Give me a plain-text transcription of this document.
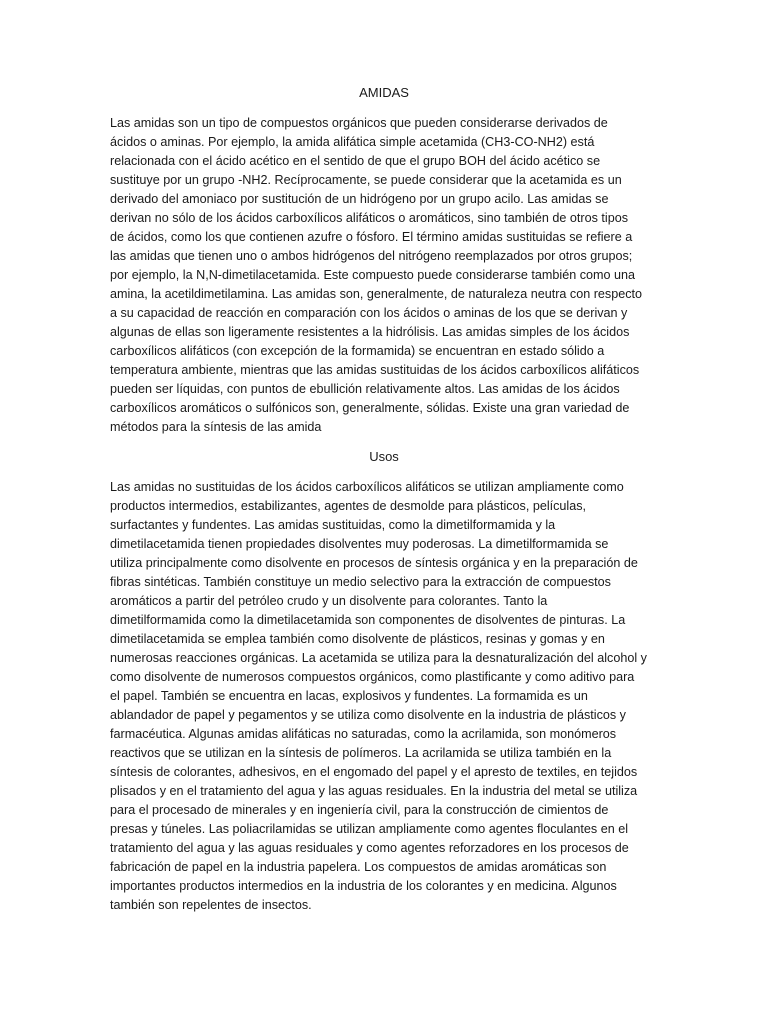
AMIDAS

Las amidas son un tipo de compuestos orgánicos que pueden considerarse derivados de
ácidos o aminas. Por ejemplo, la amida alifática simple acetamida (CH3-CO-NH2) está
relacionada con el ácido acético en el sentido de que el grupo BOH del ácido acético se
sustituye por un grupo -NH2. Recíprocamente, se puede considerar que la acetamida es un
derivado del amoniaco por sustitución de un hidrógeno por un grupo acilo. Las amidas se
derivan no sólo de los ácidos carboxílicos alifáticos o aromáticos, sino también de otros tipos
de ácidos, como los que contienen azufre o fósforo. El término amidas sustituidas se refiere a
las amidas que tienen uno o ambos hidrógenos del nitrógeno reemplazados por otros grupos;
por ejemplo, la N,N-dimetilacetamida. Este compuesto puede considerarse también como una
amina, la acetildimetilamina. Las amidas son, generalmente, de naturaleza neutra con respecto
a su capacidad de reacción en comparación con los ácidos o aminas de los que se derivan y
algunas de ellas son ligeramente resistentes a la hidrólisis. Las amidas simples de los ácidos
carboxílicos alifáticos (con excepción de la formamida) se encuentran en estado sólido a
temperatura ambiente, mientras que las amidas sustituidas de los ácidos carboxílicos alifáticos
pueden ser líquidas, con puntos de ebullición relativamente altos. Las amidas de los ácidos
carboxílicos aromáticos o sulfónicos son, generalmente, sólidas. Existe una gran variedad de
métodos para la síntesis de las amida

Usos

Las amidas no sustituidas de los ácidos carboxílicos alifáticos se utilizan ampliamente como
productos intermedios, estabilizantes, agentes de desmolde para plásticos, películas,
surfactantes y fundentes. Las amidas sustituidas, como la dimetilformamida y la
dimetilacetamida tienen propiedades disolventes muy poderosas. La dimetilformamida se
utiliza principalmente como disolvente en procesos de síntesis orgánica y en la preparación de
fibras sintéticas. También constituye un medio selectivo para la extracción de compuestos
aromáticos a partir del petróleo crudo y un disolvente para colorantes. Tanto la
dimetilformamida como la dimetilacetamida son componentes de disolventes de pinturas. La
dimetilacetamida se emplea también como disolvente de plásticos, resinas y gomas y en
numerosas reacciones orgánicas. La acetamida se utiliza para la desnaturalización del alcohol y
como disolvente de numerosos compuestos orgánicos, como plastificante y como aditivo para
el papel. También se encuentra en lacas, explosivos y fundentes. La formamida es un
ablandador de papel y pegamentos y se utiliza como disolvente en la industria de plásticos y
farmacéutica. Algunas amidas alifáticas no saturadas, como la acrilamida, son monómeros
reactivos que se utilizan en la síntesis de polímeros. La acrilamida se utiliza también en la
síntesis de colorantes, adhesivos, en el engomado del papel y el apresto de textiles, en tejidos
plisados y en el tratamiento del agua y las aguas residuales. En la industria del metal se utiliza
para el procesado de minerales y en ingeniería civil, para la construcción de cimientos de
presas y túneles. Las poliacrilamidas se utilizan ampliamente como agentes floculantes en el
tratamiento del agua y las aguas residuales y como agentes reforzadores en los procesos de
fabricación de papel en la industria papelera. Los compuestos de amidas aromáticas son
importantes productos intermedios en la industria de los colorantes y en medicina. Algunos
también son repelentes de insectos.
